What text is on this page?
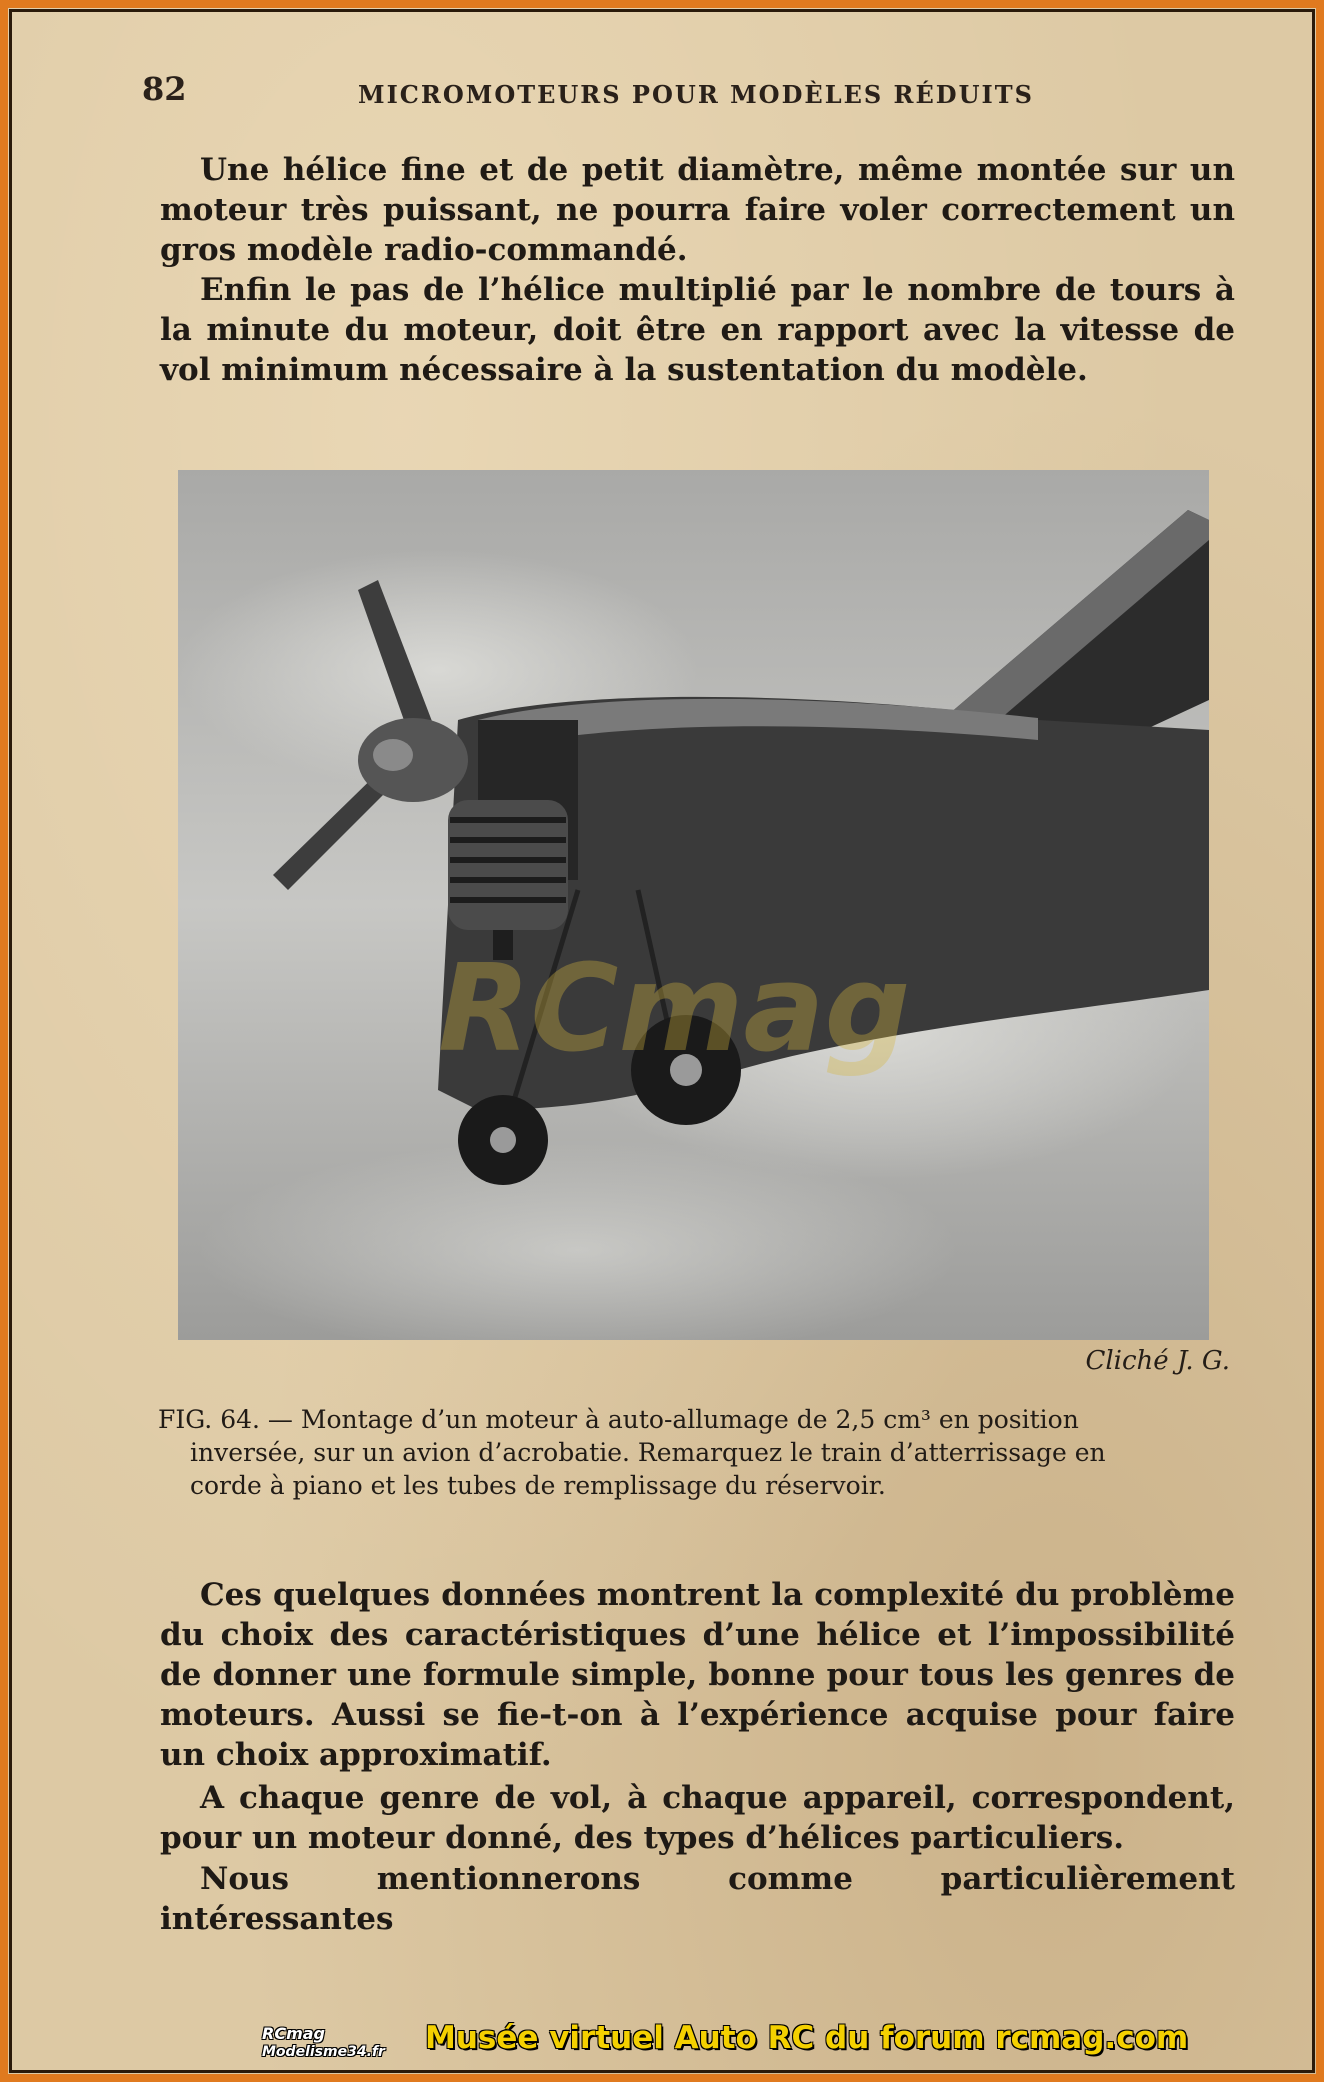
82	MICROMOTEURS POUR MODÈLES RÉDUITS

Une hélice fine et de petit diamètre, même montée sur un moteur très puissant, ne pourra faire voler correctement un gros modèle radio-commandé.

Enfin le pas de l’hélice multiplié par le nombre de tours à la minute du moteur, doit être en rapport avec la vitesse de vol minimum nécessaire à la sustentation du modèle.

RCmag
Cliché J. G.

FIG. 64. — Montage d’un moteur à auto-allumage de 2,5 cm³ en position
inversée, sur un avion d’acrobatie. Remarquez le train d’atterrissage en
corde à piano et les tubes de remplissage du réservoir.

Ces quelques données montrent la complexité du problème du choix des caractéristiques d’une hélice et l’impossibilité de donner une formule simple, bonne pour tous les genres de moteurs. Aussi se fie-t-on à l’expérience acquise pour faire un choix approximatif.

A chaque genre de vol, à chaque appareil, correspondent, pour un moteur donné, des types d’hélices particuliers.

Nous mentionnerons comme particulièrement intéressantes

RCmag
Modelisme34.fr Musée virtuel Auto RC du forum rcmag.com
